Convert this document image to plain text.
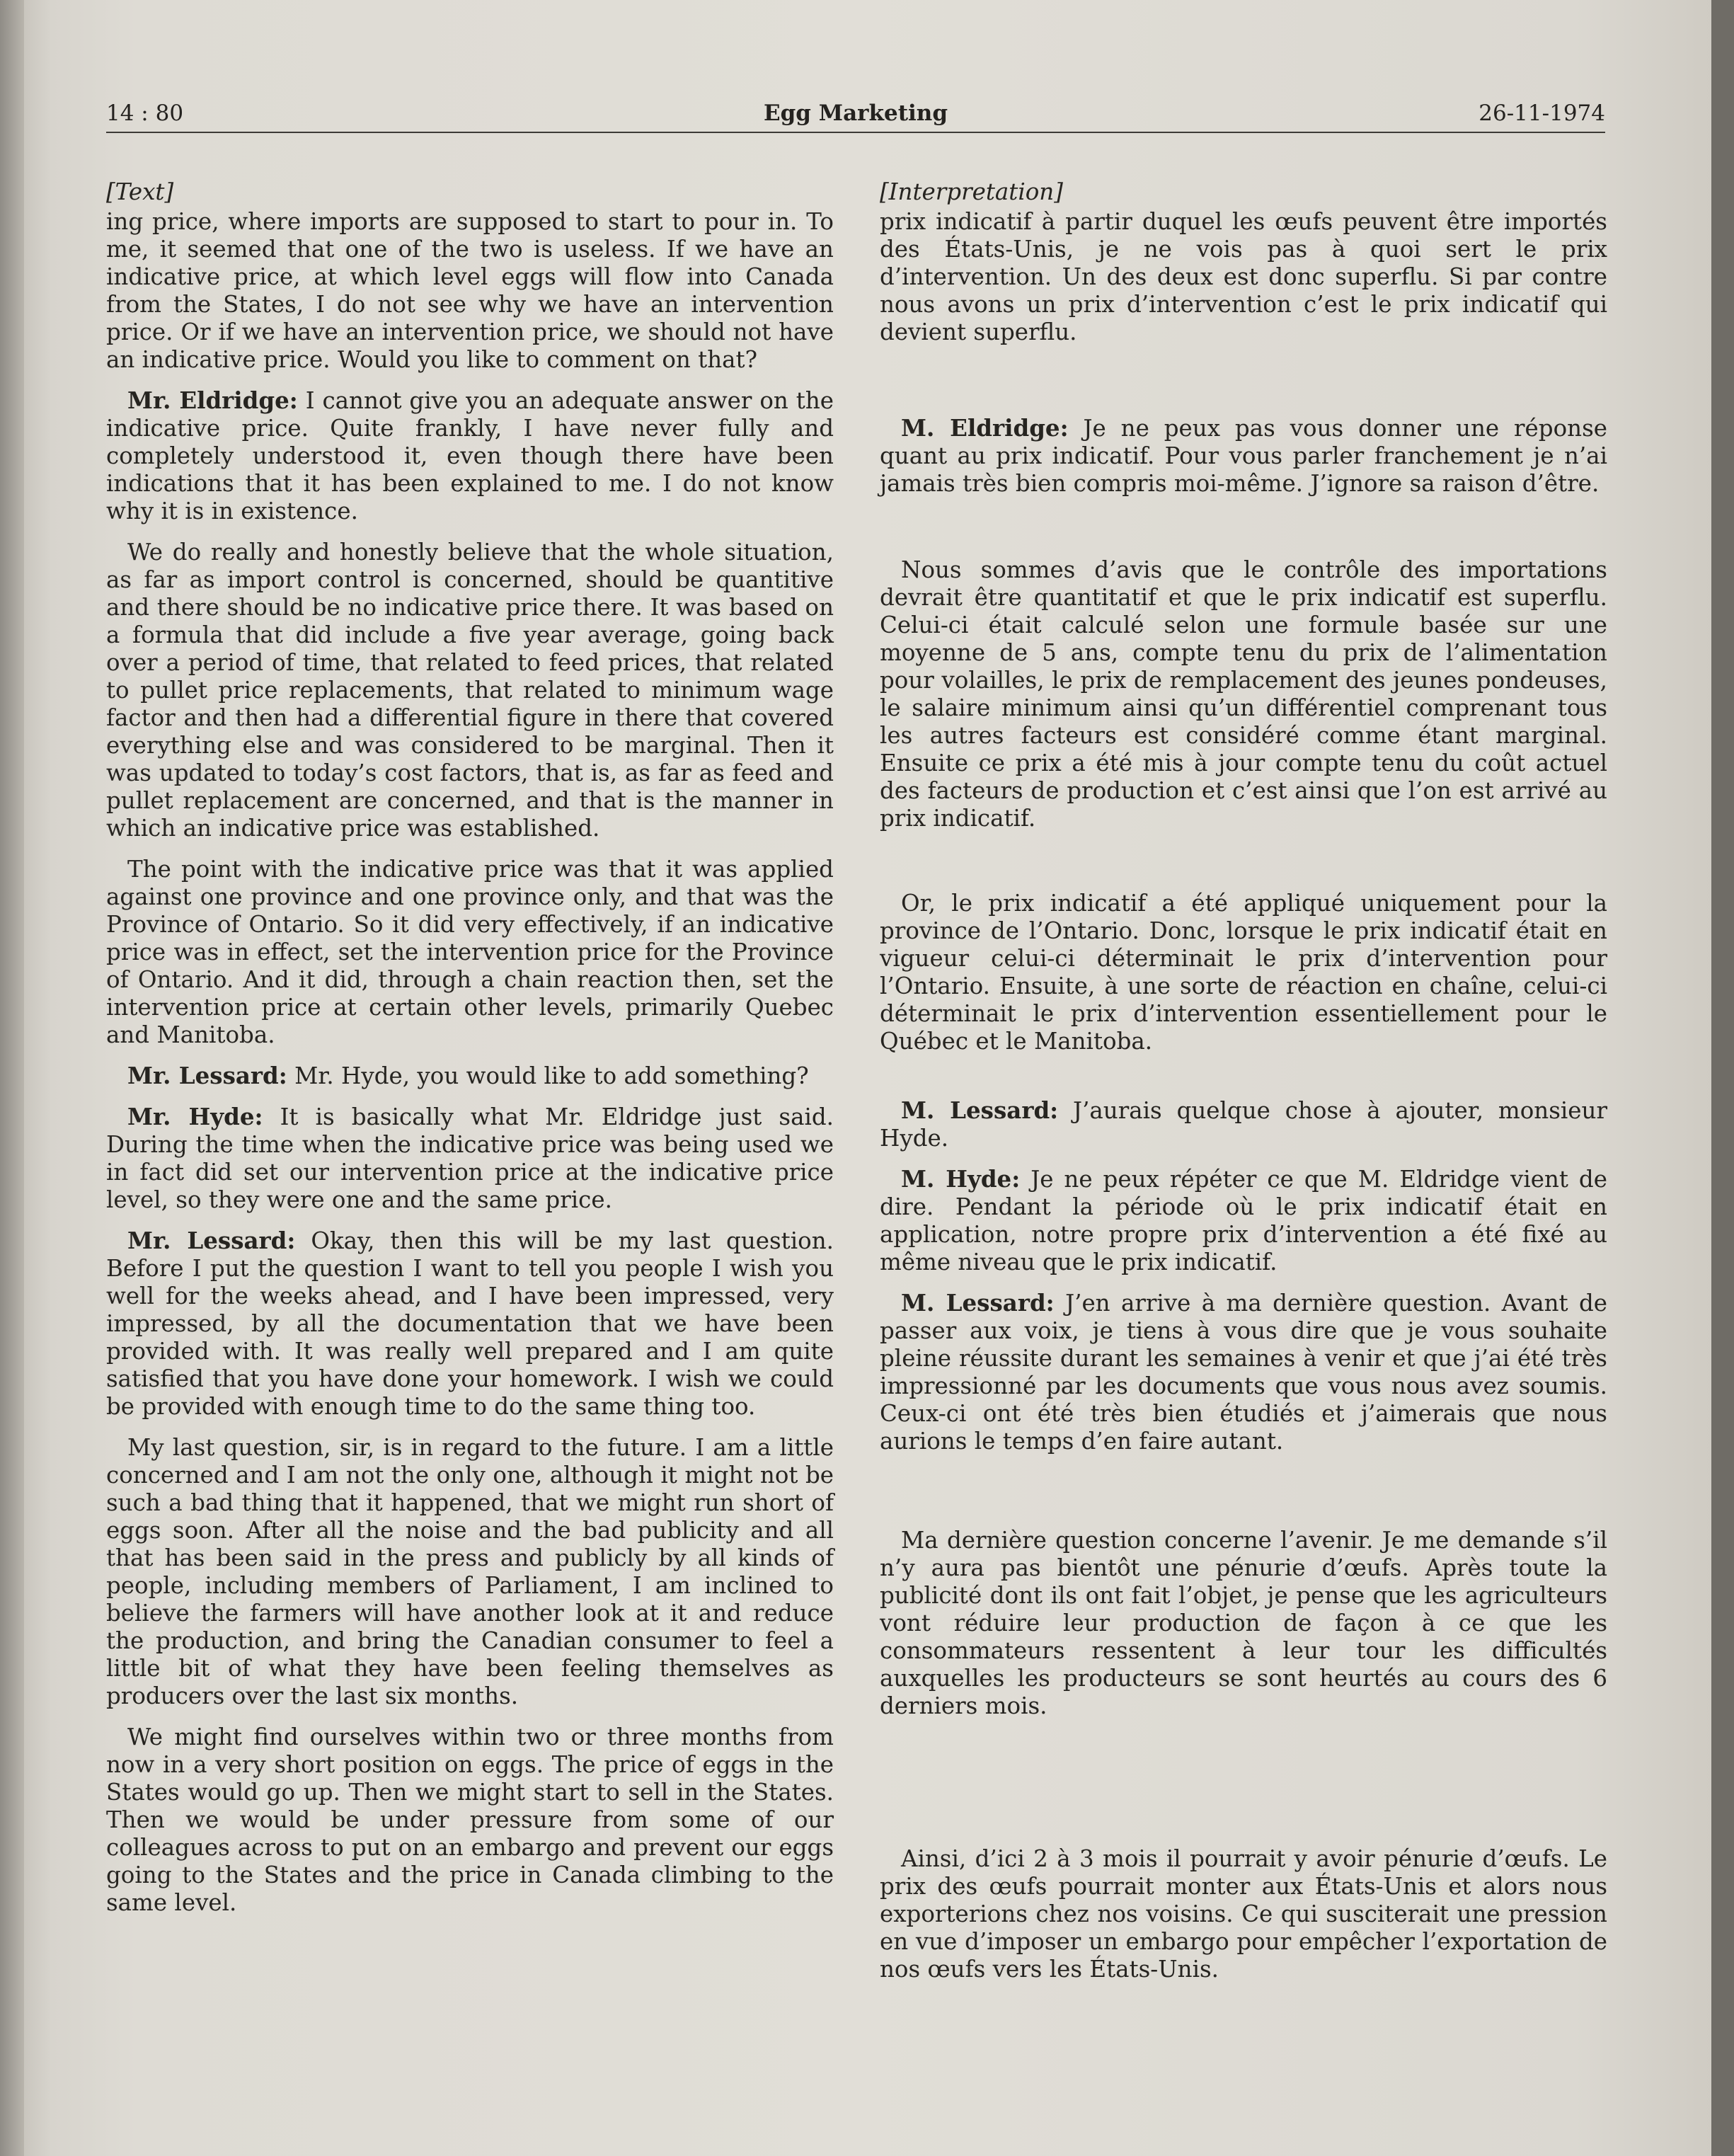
14 : 80	Egg Marketing	26-11-1974
[Text]

ing price, where imports are supposed to start to pour in. To me, it seemed that one of the two is useless. If we have an indicative price, at which level eggs will flow into Canada from the States, I do not see why we have an intervention price. Or if we have an intervention price, we should not have an indicative price. Would you like to comment on that?

Mr. Eldridge: I cannot give you an adequate answer on the indicative price. Quite frankly, I have never fully and completely understood it, even though there have been indications that it has been explained to me. I do not know why it is in existence.

We do really and honestly believe that the whole situation, as far as import control is concerned, should be quantitive and there should be no indicative price there. It was based on a formula that did include a five year average, going back over a period of time, that related to feed prices, that related to pullet price replacements, that related to minimum wage factor and then had a differential figure in there that covered everything else and was considered to be marginal. Then it was updated to today’s cost factors, that is, as far as feed and pullet replacement are concerned, and that is the manner in which an indicative price was established.

The point with the indicative price was that it was applied against one province and one province only, and that was the Province of Ontario. So it did very effectively, if an indicative price was in effect, set the intervention price for the Province of Ontario. And it did, through a chain reaction then, set the intervention price at certain other levels, primarily Quebec and Manitoba.

Mr. Lessard: Mr. Hyde, you would like to add something?

Mr. Hyde: It is basically what Mr. Eldridge just said. During the time when the indicative price was being used we in fact did set our intervention price at the indicative price level, so they were one and the same price.

Mr. Lessard: Okay, then this will be my last question. Before I put the question I want to tell you people I wish you well for the weeks ahead, and I have been impressed, very impressed, by all the documentation that we have been provided with. It was really well prepared and I am quite satisfied that you have done your homework. I wish we could be provided with enough time to do the same thing too.

My last question, sir, is in regard to the future. I am a little concerned and I am not the only one, although it might not be such a bad thing that it happened, that we might run short of eggs soon. After all the noise and the bad publicity and all that has been said in the press and publicly by all kinds of people, including members of Parliament, I am inclined to believe the farmers will have another look at it and reduce the production, and bring the Canadian consumer to feel a little bit of what they have been feeling themselves as producers over the last six months.

We might find ourselves within two or three months from now in a very short position on eggs. The price of eggs in the States would go up. Then we might start to sell in the States. Then we would be under pressure from some of our colleagues across to put on an embargo and prevent our eggs going to the States and the price in Canada climbing to the same level.

[Interpretation]

prix indicatif à partir duquel les œufs peuvent être importés des États-Unis, je ne vois pas à quoi sert le prix d’intervention. Un des deux est donc superflu. Si par contre nous avons un prix d’intervention c’est le prix indicatif qui devient superflu.

M. Eldridge: Je ne peux pas vous donner une réponse quant au prix indicatif. Pour vous parler franchement je n’ai jamais très bien compris moi-même. J’ignore sa raison d’être.

Nous sommes d’avis que le contrôle des importations devrait être quantitatif et que le prix indicatif est superflu. Celui-ci était calculé selon une formule basée sur une moyenne de 5 ans, compte tenu du prix de l’alimentation pour volailles, le prix de remplacement des jeunes pondeuses, le salaire minimum ainsi qu’un différentiel comprenant tous les autres facteurs est considéré comme étant marginal. Ensuite ce prix a été mis à jour compte tenu du coût actuel des facteurs de production et c’est ainsi que l’on est arrivé au prix indicatif.

Or, le prix indicatif a été appliqué uniquement pour la province de l’Ontario. Donc, lorsque le prix indicatif était en vigueur celui-ci déterminait le prix d’intervention pour l’Ontario. Ensuite, à une sorte de réaction en chaîne, celui-ci déterminait le prix d’intervention essentiellement pour le Québec et le Manitoba.

M. Lessard: J’aurais quelque chose à ajouter, monsieur Hyde.

M. Hyde: Je ne peux répéter ce que M. Eldridge vient de dire. Pendant la période où le prix indicatif était en application, notre propre prix d’intervention a été fixé au même niveau que le prix indicatif.

M. Lessard: J’en arrive à ma dernière question. Avant de passer aux voix, je tiens à vous dire que je vous souhaite pleine réussite durant les semaines à venir et que j’ai été très impressionné par les documents que vous nous avez soumis. Ceux-ci ont été très bien étudiés et j’aimerais que nous aurions le temps d’en faire autant.

Ma dernière question concerne l’avenir. Je me demande s’il n’y aura pas bientôt une pénurie d’œufs. Après toute la publicité dont ils ont fait l’objet, je pense que les agriculteurs vont réduire leur production de façon à ce que les consommateurs ressentent à leur tour les difficultés auxquelles les producteurs se sont heurtés au cours des 6 derniers mois.

Ainsi, d’ici 2 à 3 mois il pourrait y avoir pénurie d’œufs. Le prix des œufs pourrait monter aux États-Unis et alors nous exporterions chez nos voisins. Ce qui susciterait une pression en vue d’imposer un embargo pour empêcher l’exportation de nos œufs vers les États-Unis.
